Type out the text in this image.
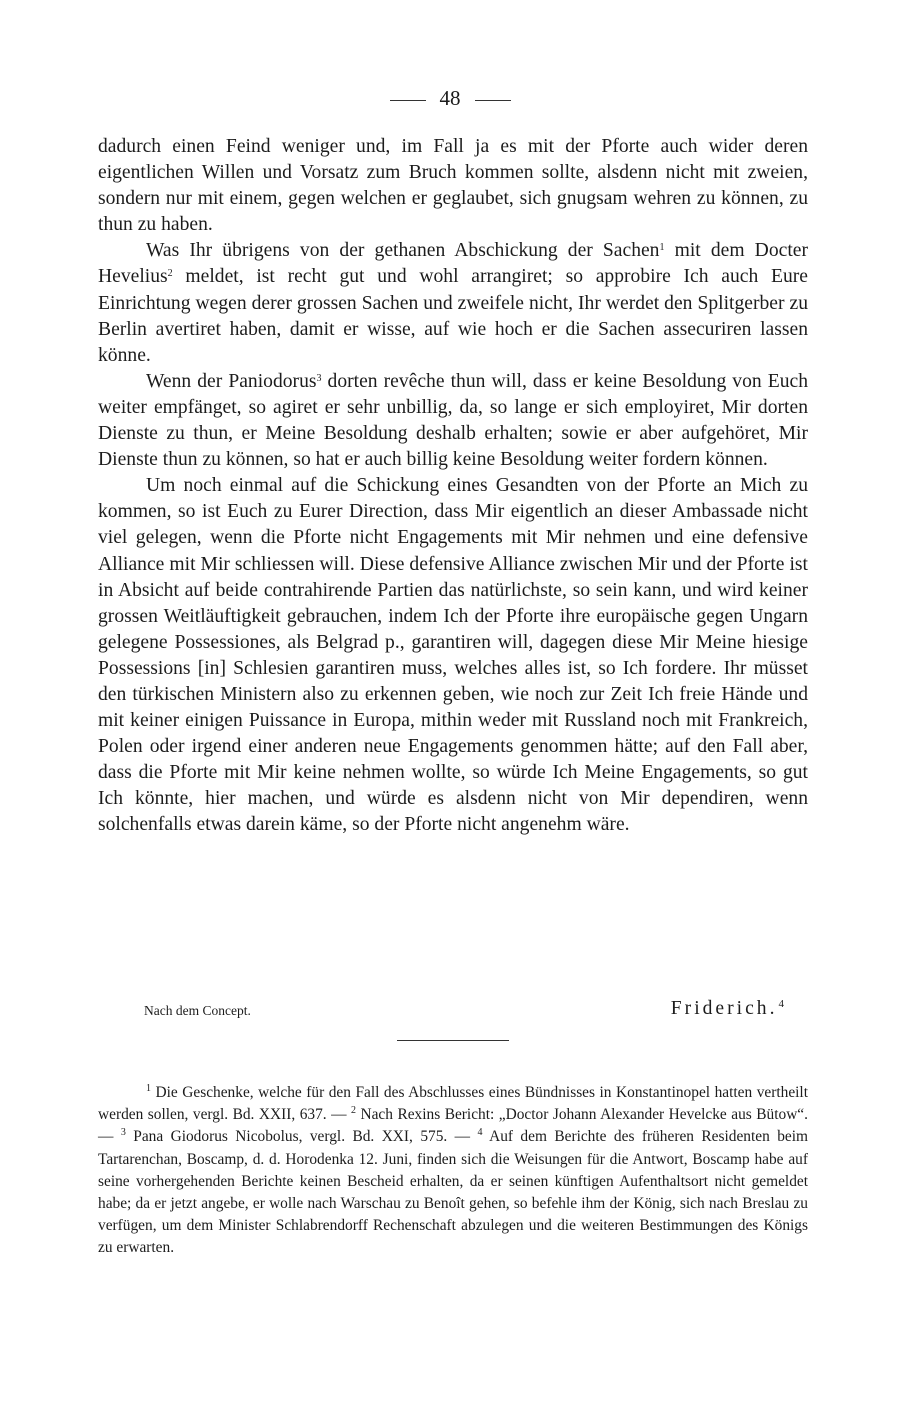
48

dadurch einen Feind weniger und, im Fall ja es mit der Pforte auch wider deren eigentlichen Willen und Vorsatz zum Bruch kommen sollte, alsdenn nicht mit zweien, sondern nur mit einem, gegen welchen er geglaubet, sich gnugsam wehren zu können, zu thun zu haben.

Was Ihr übrigens von der gethanen Abschickung der Sachen$^1$ mit dem Docter Hevelius$^2$ meldet, ist recht gut und wohl arrangiret; so approbire Ich auch Eure Einrichtung wegen derer grossen Sachen und zweifele nicht, Ihr werdet den Splitgerber zu Berlin avertiret haben, damit er wisse, auf wie hoch er die Sachen assecuriren lassen könne.

Wenn der Paniodorus$^3$ dorten revêche thun will, dass er keine Besoldung von Euch weiter empfänget, so agiret er sehr unbillig, da, so lange er sich employiret, Mir dorten Dienste zu thun, er Meine Besoldung deshalb erhalten; sowie er aber aufgehöret, Mir Dienste thun zu können, so hat er auch billig keine Besoldung weiter fordern können.

Um noch einmal auf die Schickung eines Gesandten von der Pforte an Mich zu kommen, so ist Euch zu Eurer Direction, dass Mir eigentlich an dieser Ambassade nicht viel gelegen, wenn die Pforte nicht Engagements mit Mir nehmen und eine defensive Alliance mit Mir schliessen will. Diese defensive Alliance zwischen Mir und der Pforte ist in Absicht auf beide contrahirende Partien das natürlichste, so sein kann, und wird keiner grossen Weitläuftigkeit gebrauchen, indem Ich der Pforte ihre europäische gegen Ungarn gelegene Possessiones, als Belgrad p., garantiren will, dagegen diese Mir Meine hiesige Possessions [in] Schlesien garantiren muss, welches alles ist, so Ich fordere. Ihr müsset den türkischen Ministern also zu erkennen geben, wie noch zur Zeit Ich freie Hände und mit keiner einigen Puissance in Europa, mithin weder mit Russland noch mit Frankreich, Polen oder irgend einer anderen neue Engagements genommen hätte; auf den Fall aber, dass die Pforte mit Mir keine nehmen wollte, so würde Ich Meine Engagements, so gut Ich könnte, hier machen, und würde es alsdenn nicht von Mir dependiren, wenn solchenfalls etwas darein käme, so der Pforte nicht angenehm wäre.

Nach dem Concept.	Friderich.$^4$

$^1$ Die Geschenke, welche für den Fall des Abschlusses eines Bündnisses in Konstantinopel hatten vertheilt werden sollen, vergl. Bd. XXII, 637. — $^2$ Nach Rexins Bericht: „Doctor Johann Alexander Hevelcke aus Bütow“. — $^3$ Pana Giodorus Nicobolus, vergl. Bd. XXI, 575. — $^4$ Auf dem Berichte des früheren Residenten beim Tartarenchan, Boscamp, d. d. Horodenka 12. Juni, finden sich die Weisungen für die Antwort, Boscamp habe auf seine vorhergehenden Berichte keinen Bescheid erhalten, da er seinen künftigen Aufenthaltsort nicht gemeldet habe; da er jetzt angebe, er wolle nach Warschau zu Benoît gehen, so befehle ihm der König, sich nach Breslau zu verfügen, um dem Minister Schlabrendorff Rechenschaft abzulegen und die weiteren Bestimmungen des Königs zu erwarten.
